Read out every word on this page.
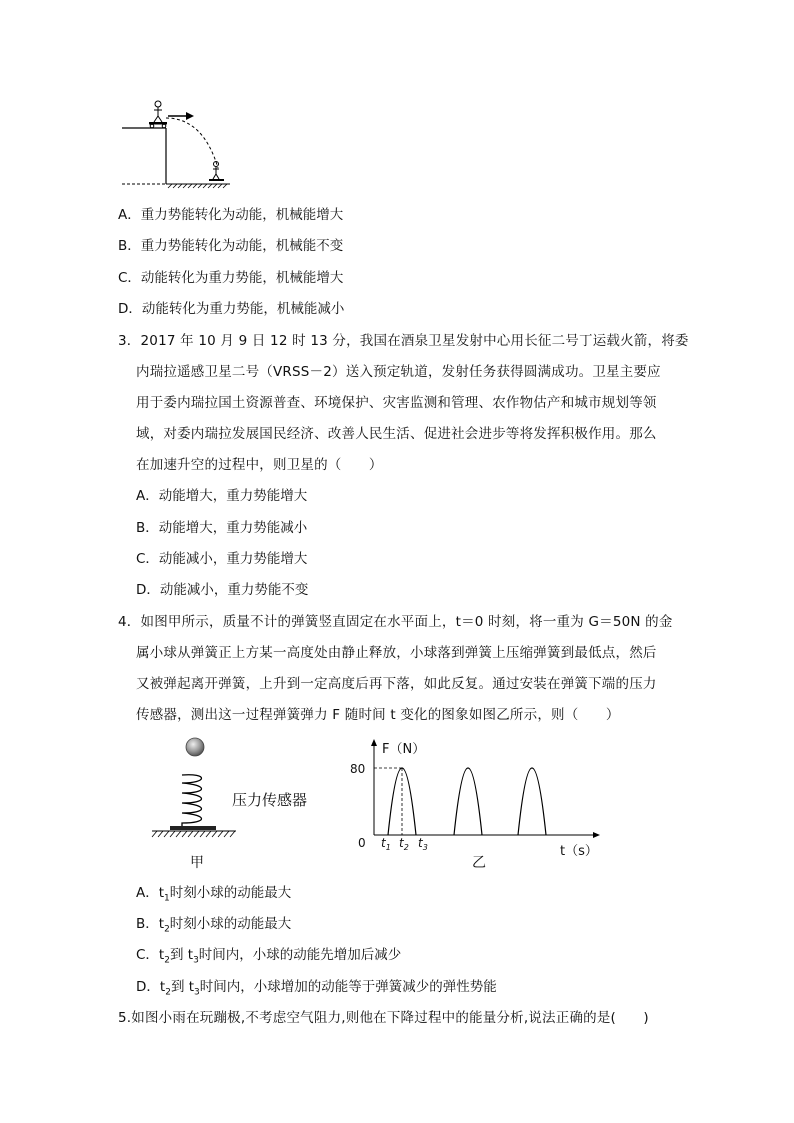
A．重力势能转化为动能，机械能增大
B．重力势能转化为动能，机械能不变
C．动能转化为重力势能，机械能增大
D．动能转化为重力势能，机械能减小
3．2017 年 10 月 9 日 12 时 13 分，我国在酒泉卫星发射中心用长征二号丁运载火箭，将委
内瑞拉遥感卫星二号（VRSS－2）送入预定轨道，发射任务获得圆满成功。卫星主要应
用于委内瑞拉国土资源普查、环境保护、灾害监测和管理、农作物估产和城市规划等领
域，对委内瑞拉发展国民经济、改善人民生活、促进社会进步等将发挥积极作用。那么
在加速升空的过程中，则卫星的（　　）
A．动能增大，重力势能增大
B．动能增大，重力势能减小
C．动能减小，重力势能增大
D．动能减小，重力势能不变
4．如图甲所示，质量不计的弹簧竖直固定在水平面上，t＝0 时刻，将一重为 G＝50N 的金
属小球从弹簧正上方某一高度处由静止释放，小球落到弹簧上压缩弹簧到最低点，然后
又被弹起离开弹簧，上升到一定高度后再下落，如此反复。通过安装在弹簧下端的压力
传感器，测出这一过程弹簧弹力 F 随时间 t 变化的图象如图乙所示，则（　　）
压力传感器
甲
F（N）
80
0
t（s）
$t_1$ $t_2$ $t_3$
乙
A．$t_1$时刻小球的动能最大
B．$t_2$时刻小球的动能最大
C．$t_2$到 $t_3$时间内，小球的动能先增加后减少
D．$t_2$到 $t_3$时间内，小球增加的动能等于弹簧减少的弹性势能
5.如图小雨在玩蹦极,不考虑空气阻力,则他在下降过程中的能量分析,说法正确的是(　　)
